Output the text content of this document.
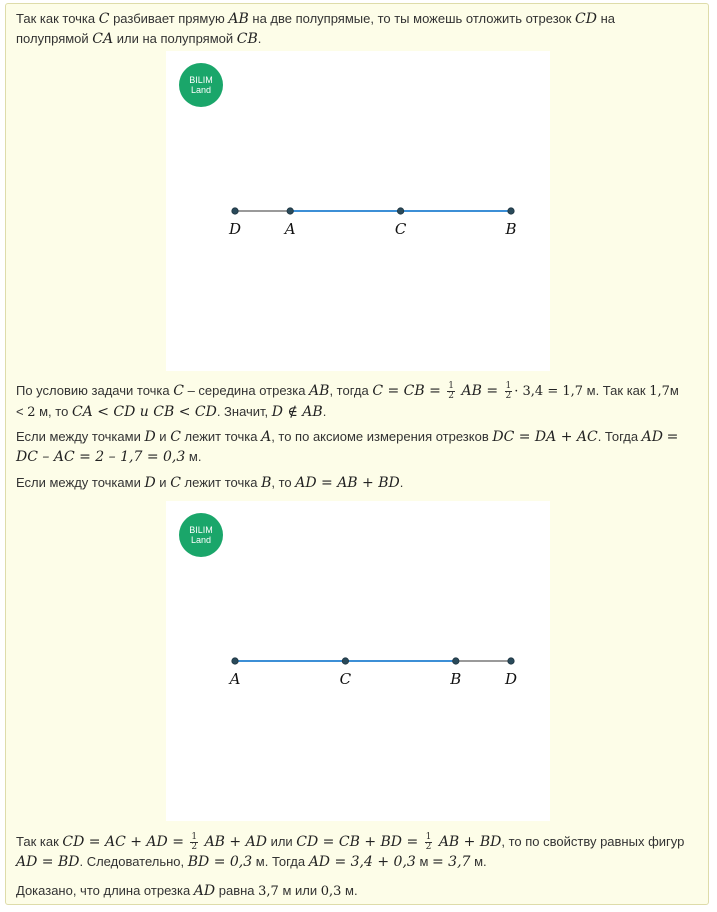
Так как точка C разбивает прямую AB на две полупрямые, то ты можешь отложить отрезок CD на полупрямой CA или на полупрямой CB.

BILIM
Land
D	A	C	B

По условию задачи точка C – середина отрезка AB, тогда C = CB = $\frac{1}{2}$ AB = $\frac{1}{2} \cdot 3,4 = 1,7$ м. Так как 1,7м < 2 м, то CA < CD и CB < CD. Значит, D ∉ AB.

Если между точками D и C лежит точка A, то по аксиоме измерения отрезков DC = DA + AC. Тогда AD = DC – AC = 2 – 1,7 = 0,3 м.

Если между точками D и C лежит точка B, то AD = AB + BD.

BILIM
Land
A	C	B	D

Так как CD = AC + AD = $\frac{1}{2}$ AB + AD или CD = CB + BD = $\frac{1}{2}$ AB + BD, то по свойству равных фигур AD = BD. Следовательно, BD = 0,3 м. Тогда AD = 3,4 + 0,3 м = 3,7 м.

Доказано, что длина отрезка AD равна 3,7 м или 0,3 м.
